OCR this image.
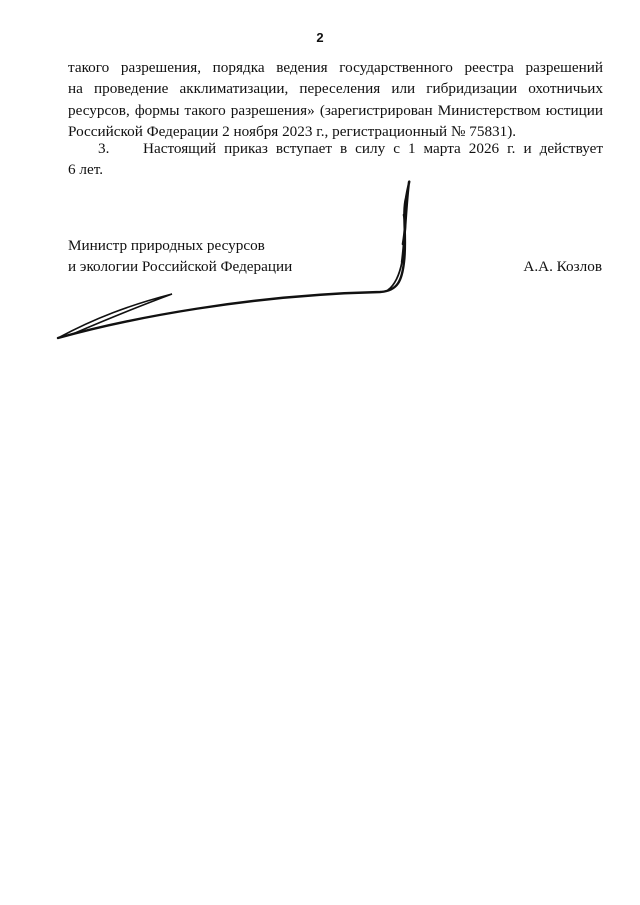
2
такого разрешения, порядка ведения государственного реестра разрешений
на проведение акклиматизации, переселения или гибридизации охотничьих
ресурсов, формы такого разрешения» (зарегистрирован Министерством юстиции
Российской Федерации 2 ноября 2023 г., регистрационный № 75831).
3. Настоящий приказ вступает в силу с 1 марта 2026 г. и действует
6 лет.
Министр природных ресурсов
и экологии Российской Федерации	А.А. Козлов
